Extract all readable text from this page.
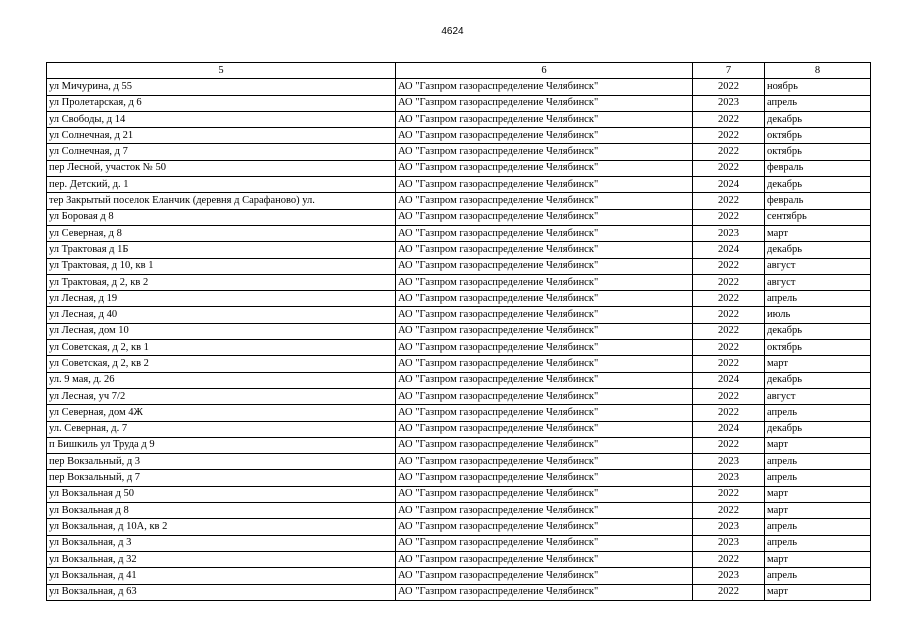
4624
5	6	7	8
ул Мичурина, д 55	АО "Газпром газораспределение Челябинск"	2022	ноябрь
ул Пролетарская, д 6	АО "Газпром газораспределение Челябинск"	2023	апрель
ул Свободы, д 14	АО "Газпром газораспределение Челябинск"	2022	декабрь
ул Солнечная, д 21	АО "Газпром газораспределение Челябинск"	2022	октябрь
ул Солнечная, д 7	АО "Газпром газораспределение Челябинск"	2022	октябрь
пер Лесной, участок № 50	АО "Газпром газораспределение Челябинск"	2022	февраль
пер. Детский, д. 1	АО "Газпром газораспределение Челябинск"	2024	декабрь
тер Закрытый поселок Еланчик (деревня д Сарафаново) ул.	АО "Газпром газораспределение Челябинск"	2022	февраль
ул Боровая д 8	АО "Газпром газораспределение Челябинск"	2022	сентябрь
ул Северная, д 8	АО "Газпром газораспределение Челябинск"	2023	март
ул Трактовая д 1Б	АО "Газпром газораспределение Челябинск"	2024	декабрь
ул Трактовая, д 10, кв 1	АО "Газпром газораспределение Челябинск"	2022	август
ул Трактовая, д 2, кв 2	АО "Газпром газораспределение Челябинск"	2022	август
ул Лесная, д 19	АО "Газпром газораспределение Челябинск"	2022	апрель
ул Лесная, д 40	АО "Газпром газораспределение Челябинск"	2022	июль
ул Лесная, дом 10	АО "Газпром газораспределение Челябинск"	2022	декабрь
ул Советская, д 2, кв 1	АО "Газпром газораспределение Челябинск"	2022	октябрь
ул Советская, д 2, кв 2	АО "Газпром газораспределение Челябинск"	2022	март
ул. 9 мая, д. 26	АО "Газпром газораспределение Челябинск"	2024	декабрь
ул Лесная, уч 7/2	АО "Газпром газораспределение Челябинск"	2022	август
ул Северная, дом 4Ж	АО "Газпром газораспределение Челябинск"	2022	апрель
ул. Северная, д. 7	АО "Газпром газораспределение Челябинск"	2024	декабрь
п Бишкиль ул Труда д 9	АО "Газпром газораспределение Челябинск"	2022	март
пер Вокзальный, д 3	АО "Газпром газораспределение Челябинск"	2023	апрель
пер Вокзальный, д 7	АО "Газпром газораспределение Челябинск"	2023	апрель
ул Вокзальная д 50	АО "Газпром газораспределение Челябинск"	2022	март
ул Вокзальная д 8	АО "Газпром газораспределение Челябинск"	2022	март
ул Вокзальная, д 10А, кв 2	АО "Газпром газораспределение Челябинск"	2023	апрель
ул Вокзальная, д 3	АО "Газпром газораспределение Челябинск"	2023	апрель
ул Вокзальная, д 32	АО "Газпром газораспределение Челябинск"	2022	март
ул Вокзальная, д 41	АО "Газпром газораспределение Челябинск"	2023	апрель
ул Вокзальная, д 63	АО "Газпром газораспределение Челябинск"	2022	март
